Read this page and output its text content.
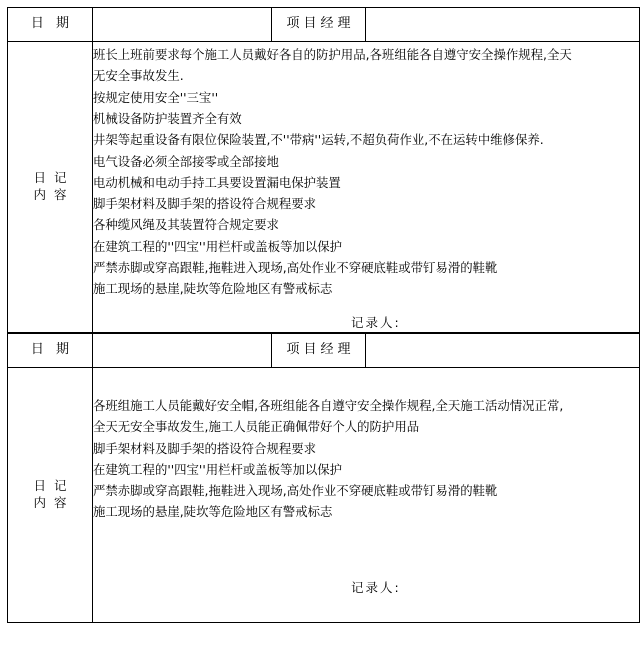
日 期		项目经理	

日 记
内 容

班长上班前要求每个施工人员戴好各自的防护用品,各班组能各自遵守安全操作规程,全天
无安全事故发生.
按规定使用安全''三宝''
机械设备防护装置齐全有效
井架等起重设备有限位保险装置,不''带病''运转,不超负荷作业,不在运转中维修保养.
电气设备必须全部接零或全部接地
电动机械和电动手持工具要设置漏电保护装置
脚手架材料及脚手架的搭设符合规程要求
各种缆风绳及其装置符合规定要求
在建筑工程的''四宝''用栏杆或盖板等加以保护
严禁赤脚或穿高跟鞋,拖鞋进入现场,高处作业不穿硬底鞋或带钉易滑的鞋靴
施工现场的悬崖,陡坎等危险地区有警戒标志
记录人:
日 期		项目经理	

日 记
内 容

各班组施工人员能戴好安全帽,各班组能各自遵守安全操作规程,全天施工活动情况正常,
全天无安全事故发生,施工人员能正确佩带好个人的防护用品
脚手架材料及脚手架的搭设符合规程要求
在建筑工程的''四宝''用栏杆或盖板等加以保护
严禁赤脚或穿高跟鞋,拖鞋进入现场,高处作业不穿硬底鞋或带钉易滑的鞋靴
施工现场的悬崖,陡坎等危险地区有警戒标志
记录人:
